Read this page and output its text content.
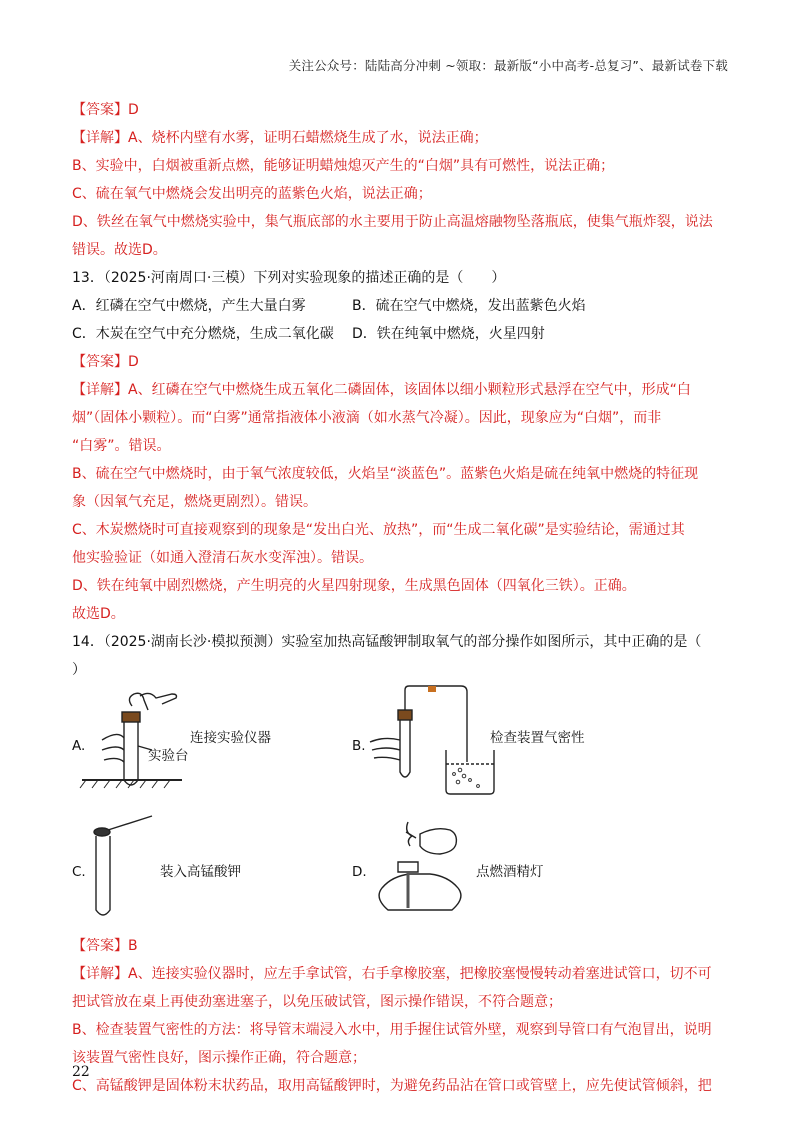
关注公众号：陆陆高分冲刺 ~领取：最新版“小中高考-总复习”、最新试卷下载
【答案】D
【详解】A、烧杯内壁有水雾，证明石蜡燃烧生成了水，说法正确；
B、实验中，白烟被重新点燃，能够证明蜡烛熄灭产生的“白烟”具有可燃性，说法正确；
C、硫在氧气中燃烧会发出明亮的蓝紫色火焰，说法正确；
D、铁丝在氧气中燃烧实验中，集气瓶底部的水主要用于防止高温熔融物坠落瓶底，使集气瓶炸裂，说法
错误。故选D。
13．（2025·河南周口·三模）下列对实验现象的描述正确的是（　　）
A．红磷在空气中燃烧，产生大量白雾	B．硫在空气中燃烧，发出蓝紫色火焰
C．木炭在空气中充分燃烧，生成二氧化碳	D．铁在纯氧中燃烧，火星四射
【答案】D
【详解】A、红磷在空气中燃烧生成五氧化二磷固体，该固体以细小颗粒形式悬浮在空气中，形成“白
烟”（固体小颗粒）。而“白雾”通常指液体小液滴（如水蒸气冷凝）。因此，现象应为“白烟”，而非
“白雾”。错误。
B、硫在空气中燃烧时，由于氧气浓度较低，火焰呈“淡蓝色”。蓝紫色火焰是硫在纯氧中燃烧的特征现
象（因氧气充足，燃烧更剧烈）。错误。
C、木炭燃烧时可直接观察到的现象是“发出白光、放热”，而“生成二氧化碳”是实验结论，需通过其
他实验验证（如通入澄清石灰水变浑浊）。错误。
D、铁在纯氧中剧烈燃烧，产生明亮的火星四射现象，生成黑色固体（四氧化三铁）。正确。
故选D。
14．（2025·湖南长沙·模拟预测）实验室加热高锰酸钾制取氧气的部分操作如图所示，其中正确的是（
）
A.
实验台
连接实验仪器	B.	检查装置气密性
C.	装入高锰酸钾	D.	点燃酒精灯
【答案】B
【详解】A、连接实验仪器时，应左手拿试管，右手拿橡胶塞，把橡胶塞慢慢转动着塞进试管口，切不可
把试管放在桌上再使劲塞进塞子，以免压破试管，图示操作错误，不符合题意；
B、检查装置气密性的方法：将导管末端浸入水中，用手握住试管外壁，观察到导管口有气泡冒出，说明
该装置气密性良好，图示操作正确，符合题意；
C、高锰酸钾是固体粉末状药品，取用高锰酸钾时，为避免药品沾在管口或管壁上，应先使试管倾斜，把
22
